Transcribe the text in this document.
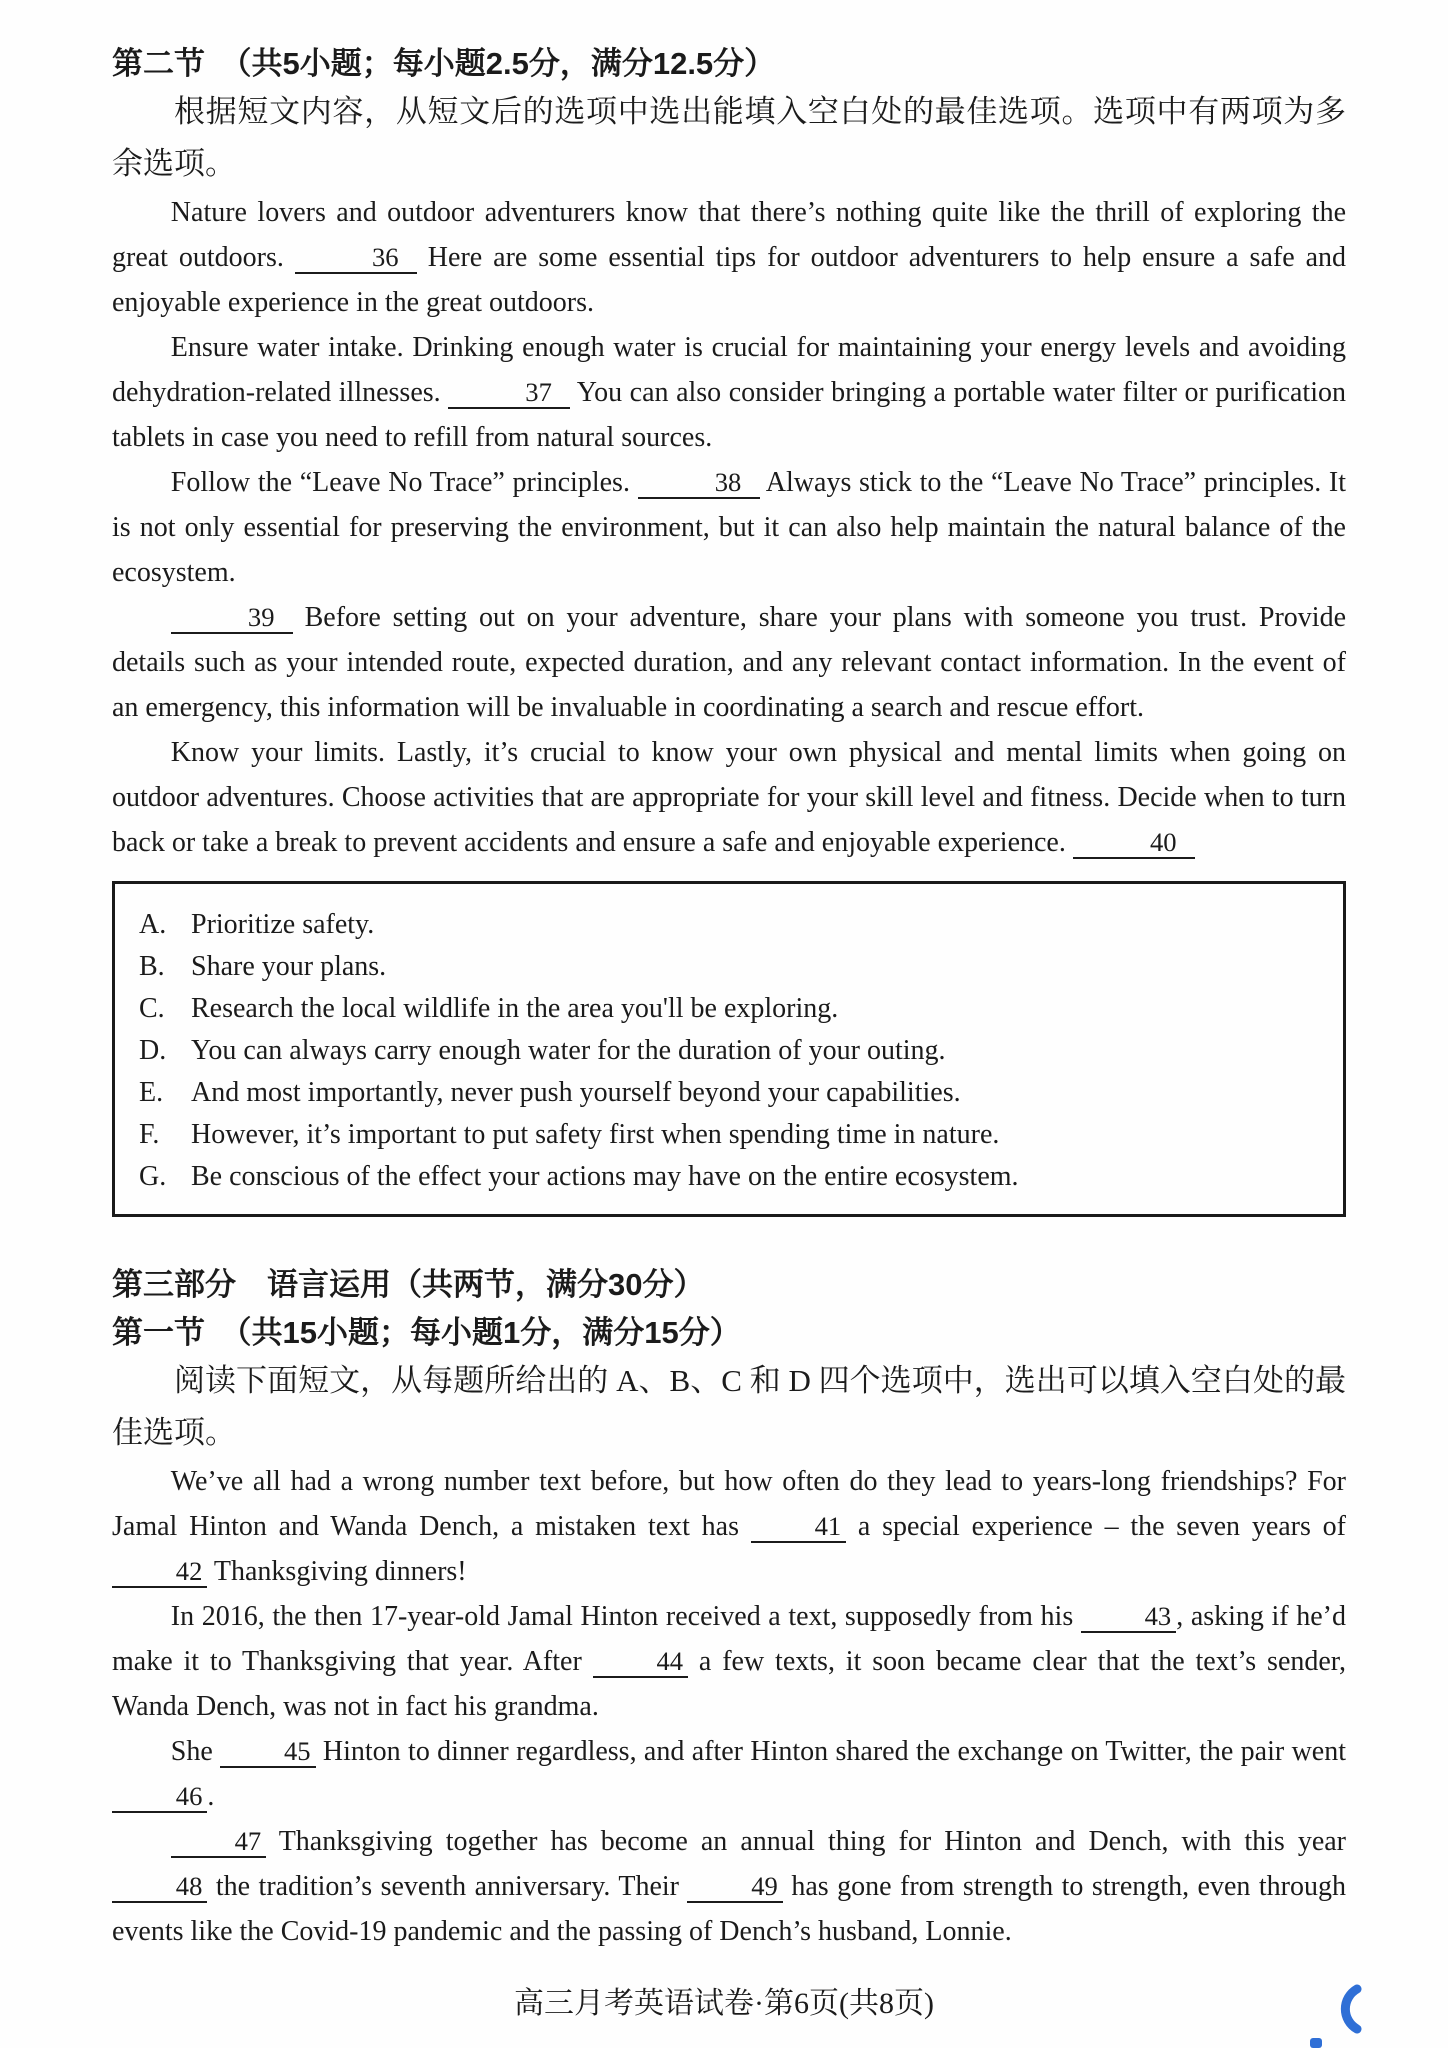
第二节　（共5小题；每小题2.5分，满分12.5分）

根据短文内容，从短文后的选项中选出能填入空白处的最佳选项。选项中有两项为多余选项。

Nature lovers and outdoor adventurers know that there’s nothing quite like the thrill of exploring the great outdoors.	36 Here are some essential tips for outdoor adventurers to help ensure a safe and enjoyable experience in the great outdoors.

Ensure water intake. Drinking enough water is crucial for maintaining your energy levels and avoiding dehydration-related illnesses.	37 You can also consider bringing a portable water filter or purification tablets in case you need to refill from natural sources.

Follow the “Leave No Trace” principles.	38 Always stick to the “Leave No Trace” principles. It is not only essential for preserving the environment, but it can also help maintain the natural balance of the ecosystem.

39 Before setting out on your adventure, share your plans with someone you trust. Provide details such as your intended route, expected duration, and any relevant contact information. In the event of an emergency, this information will be invaluable in coordinating a search and rescue effort.

Know your limits. Lastly, it’s crucial to know your own physical and mental limits when going on outdoor adventures. Choose activities that are appropriate for your skill level and fitness. Decide when to turn back or take a break to prevent accidents and ensure a safe and enjoyable experience.	40

A. Prioritize safety.
B. Share your plans.
C. Research the local wildlife in the area you'll be exploring.
D. You can always carry enough water for the duration of your outing.
E. And most importantly, never push yourself beyond your capabilities.
F.	However, it’s important to put safety first when spending time in nature.
G. Be conscious of the effect your actions may have on the entire ecosystem.

第三部分　语言运用（共两节，满分30分）

第一节　（共15小题；每小题1分，满分15分）

阅读下面短文，从每题所给出的 A、B、C 和 D 四个选项中，选出可以填入空白处的最佳选项。

We’ve all had a wrong number text before, but how often do they lead to years-long friendships? For Jamal Hinton and Wanda Dench, a mistaken text has 41 a special experience – the seven years of 42 Thanksgiving dinners!

In 2016, the then 17-year-old Jamal Hinton received a text, supposedly from his 43 , asking if he’d make it to Thanksgiving that year. After 44 a few texts, it soon became clear that the text’s sender, Wanda Dench, was not in fact his grandma.

She 45 Hinton to dinner regardless, and after Hinton shared the exchange on Twitter, the pair went 46 .

47 Thanksgiving together has become an annual thing for Hinton and Dench, with this year 48 the tradition’s seventh anniversary. Their 49 has gone from strength to strength, even through events like the Covid-19 pandemic and the passing of Dench’s husband, Lonnie.

高三月考英语试卷·第6页(共8页)
